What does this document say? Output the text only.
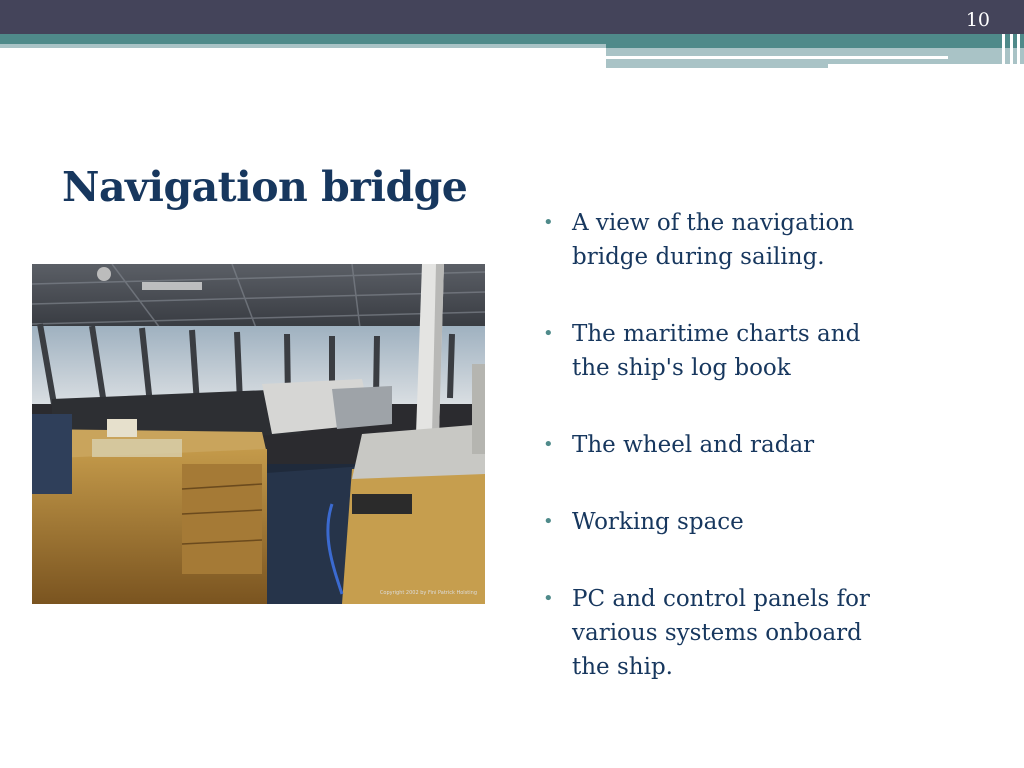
10
Navigation bridge
Copyright 2002 by Fini Patrick Holsting
• A view of the navigation bridge during sailing.
• The maritime charts and the ship's log book
• The wheel and radar
• Working space
• PC and control panels for various systems onboard the ship.
